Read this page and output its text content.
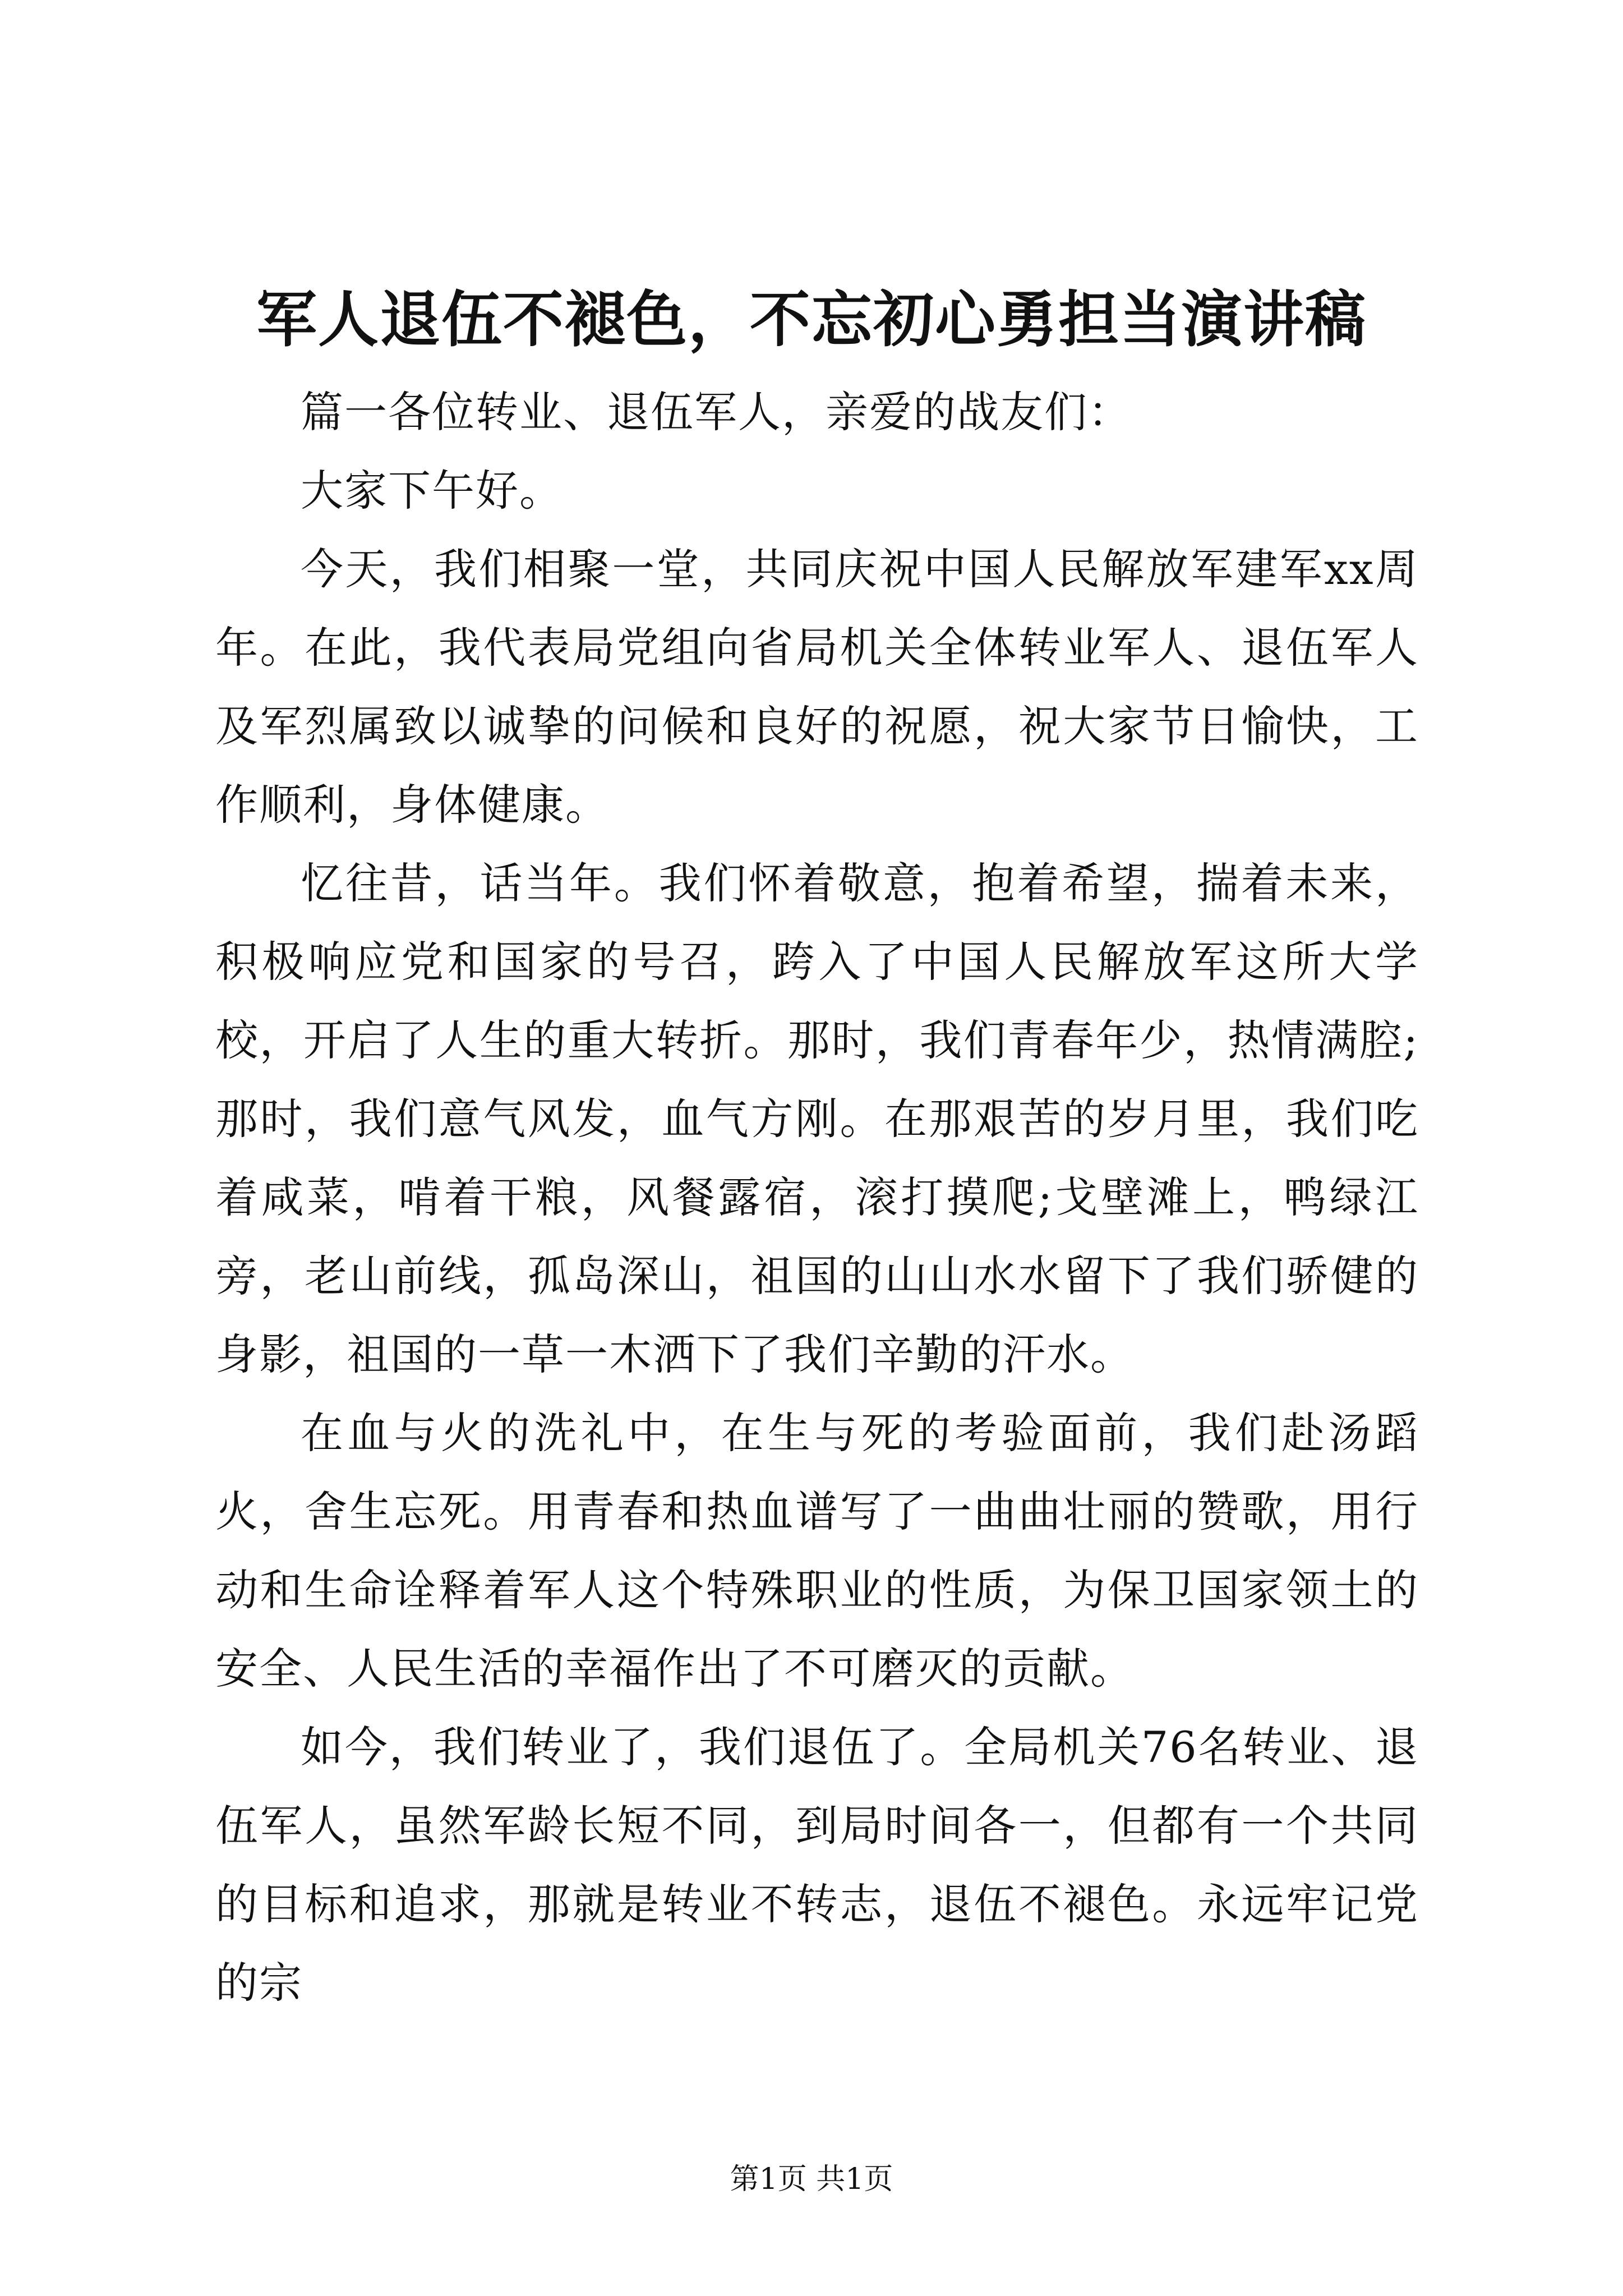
军人退伍不褪色，不忘初心勇担当演讲稿

篇一各位转业、退伍军人，亲爱的战友们：

大家下午好。

今天，我们相聚一堂，共同庆祝中国人民解放军建军xx周年。在此，我代表局党组向省局机关全体转业军人、退伍军人及军烈属致以诚挚的问候和良好的祝愿，祝大家节日愉快，工作顺利，身体健康。

忆往昔，话当年。我们怀着敬意，抱着希望，揣着未来，积极响应党和国家的号召，跨入了中国人民解放军这所大学校，开启了人生的重大转折。那时，我们青春年少，热情满腔;那时，我们意气风发，血气方刚。在那艰苦的岁月里，我们吃着咸菜，啃着干粮，风餐露宿，滚打摸爬;戈壁滩上，鸭绿江旁，老山前线，孤岛深山，祖国的山山水水留下了我们骄健的身影，祖国的一草一木洒下了我们辛勤的汗水。

在血与火的洗礼中，在生与死的考验面前，我们赴汤蹈火，舍生忘死。用青春和热血谱写了一曲曲壮丽的赞歌，用行动和生命诠释着军人这个特殊职业的性质，为保卫国家领土的安全、人民生活的幸福作出了不可磨灭的贡献。

如今，我们转业了，我们退伍了。全局机关76名转业、退伍军人，虽然军龄长短不同，到局时间各一，但都有一个共同的目标和追求，那就是转业不转志，退伍不褪色。永远牢记党的宗

第1页 共1页
